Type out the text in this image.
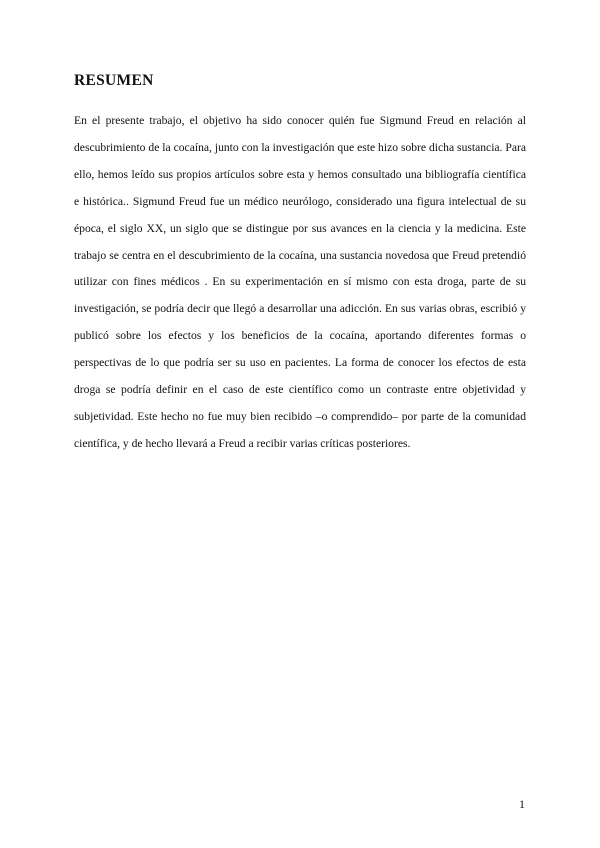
RESUMEN

En el presente trabajo, el objetivo ha sido conocer quién fue Sigmund Freud en relación al descubrimiento de la cocaína, junto con la investigación que este hizo sobre dicha sustancia. Para ello, hemos leído sus propios artículos sobre esta y hemos consultado una bibliografía científica e histórica.. Sigmund Freud fue un médico neurólogo, considerado una figura intelectual de su época, el siglo XX, un siglo que se distingue por sus avances en la ciencia y la medicina. Este trabajo se centra en el descubrimiento de la cocaína, una sustancia novedosa que Freud pretendió utilizar con fines médicos . En su experimentación en sí mismo con esta droga, parte de su investigación, se podría decir que llegó a desarrollar una adicción. En sus varias obras, escribió y publicó sobre los efectos y los beneficios de la cocaína, aportando diferentes formas o perspectivas de lo que podría ser su uso en pacientes. La forma de conocer los efectos de esta droga se podría definir en el caso de este científico como un contraste entre objetividad y subjetividad. Este hecho no fue muy bien recibido –o comprendido– por parte de la comunidad científica, y de hecho llevará a Freud a recibir varias críticas posteriores.

1
